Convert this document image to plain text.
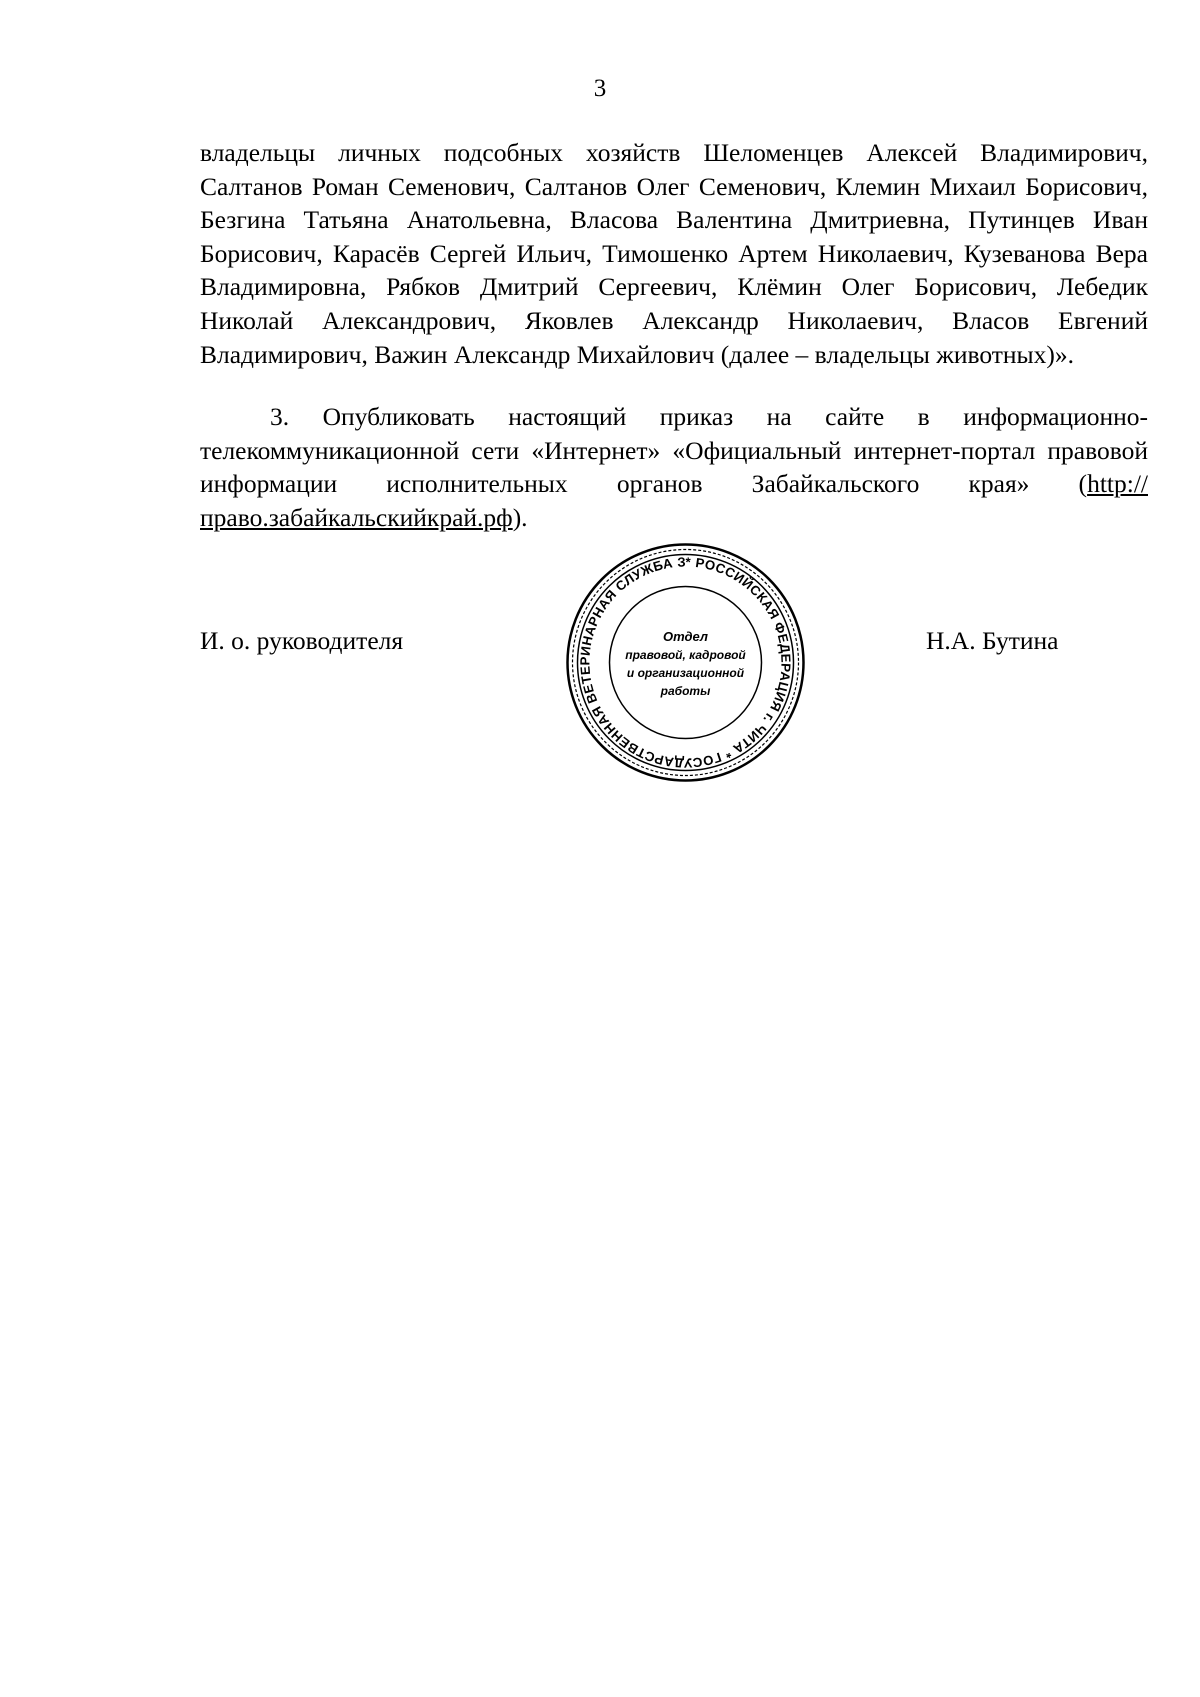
3

владельцы личных подсобных хозяйств Шеломенцев Алексей Владимирович, Салтанов Роман Семенович, Салтанов Олег Семенович, Клемин Михаил Борисович, Безгина Татьяна Анатольевна, Власова Валентина Дмитриевна, Путинцев Иван Борисович, Карасёв Сергей Ильич, Тимошенко Артем Николаевич, Кузеванова Вера Владимировна, Рябков Дмитрий Сергеевич, Клёмин Олег Борисович, Лебедик Николай Александрович, Яковлев Александр Николаевич, Власов Евгений Владимирович, Важин Александр Михайлович (далее – владельцы животных)».

3. Опубликовать настоящий приказ на сайте в информационно-телекоммуникационной сети «Интернет» «Официальный интернет-портал правовой информации исполнительных органов Забайкальского края» (http://право.забайкальскийкрай.рф).

И. о. руководителя	Н.А. Бутина
* РОССИЙСКАЯ ФЕДЕРАЦИЯ г. ЧИТА * ГОСУДАРСТВЕННАЯ ВЕТЕРИНАРНАЯ СЛУЖБА З
Отдел
правовой, кадровой
и организационной
работы
